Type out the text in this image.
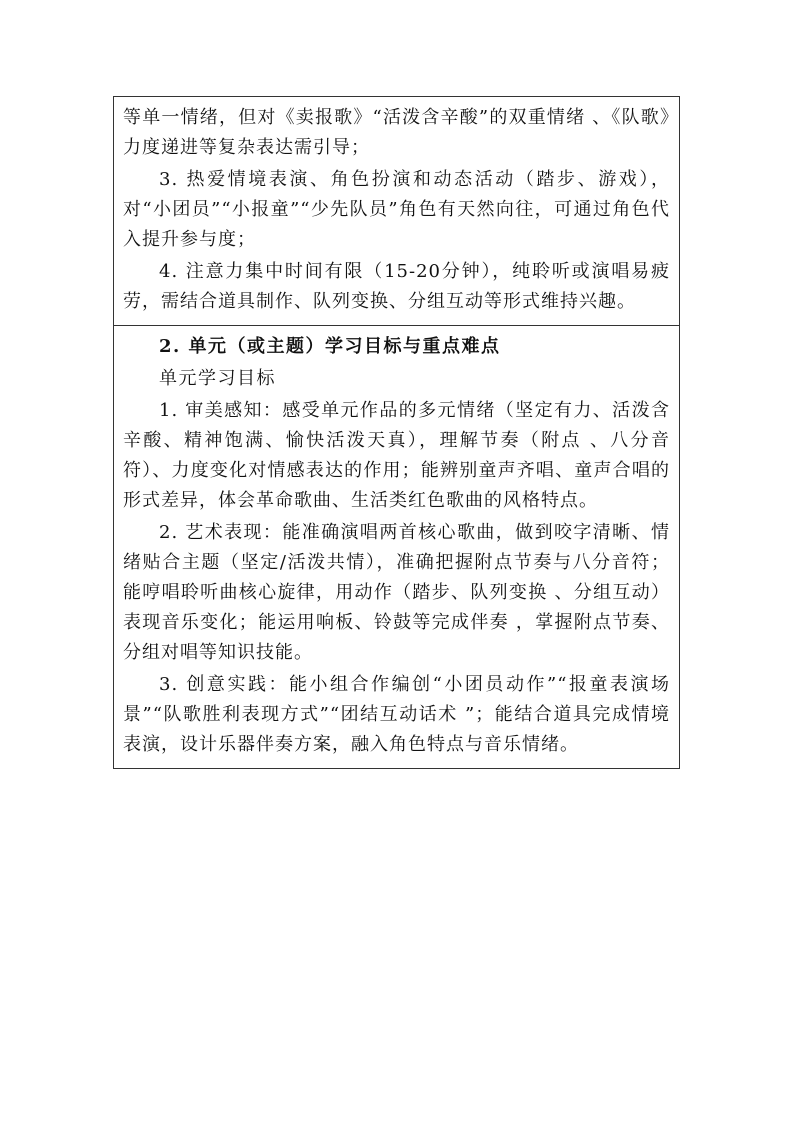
等单一情绪，但对《卖报歌》“活泼含辛酸”的双重情绪 、《队歌》力度递进等复杂表达需引导；

3. 热爱情境表演、角色扮演和动态活动（踏步、游戏），对“小团员”“小报童”“少先队员”角色有天然向往，可通过角色代入提升参与度；

4. 注意力集中时间有限（15-20分钟），纯聆听或演唱易疲劳，需结合道具制作、队列变换、分组互动等形式维持兴趣。

2. 单元（或主题）学习目标与重点难点

单元学习目标

1. 审美感知：感受单元作品的多元情绪（坚定有力、活泼含辛酸、精神饱满、愉快活泼天真），理解节奏（附点 、八分音符）、力度变化对情感表达的作用；能辨别童声齐唱、童声合唱的形式差异，体会革命歌曲、生活类红色歌曲的风格特点。

2. 艺术表现：能准确演唱两首核心歌曲，做到咬字清晰、情绪贴合主题（坚定/活泼共情），准确把握附点节奏与八分音符；能哼唱聆听曲核心旋律，用动作（踏步、队列变换 、分组互动）表现音乐变化；能运用响板、铃鼓等完成伴奏 ，掌握附点节奏、分组对唱等知识技能。

3. 创意实践：能小组合作编创“小团员动作”“报童表演场景”“队歌胜利表现方式”“团结互动话术 ”；能结合道具完成情境表演，设计乐器伴奏方案，融入角色特点与音乐情绪。
